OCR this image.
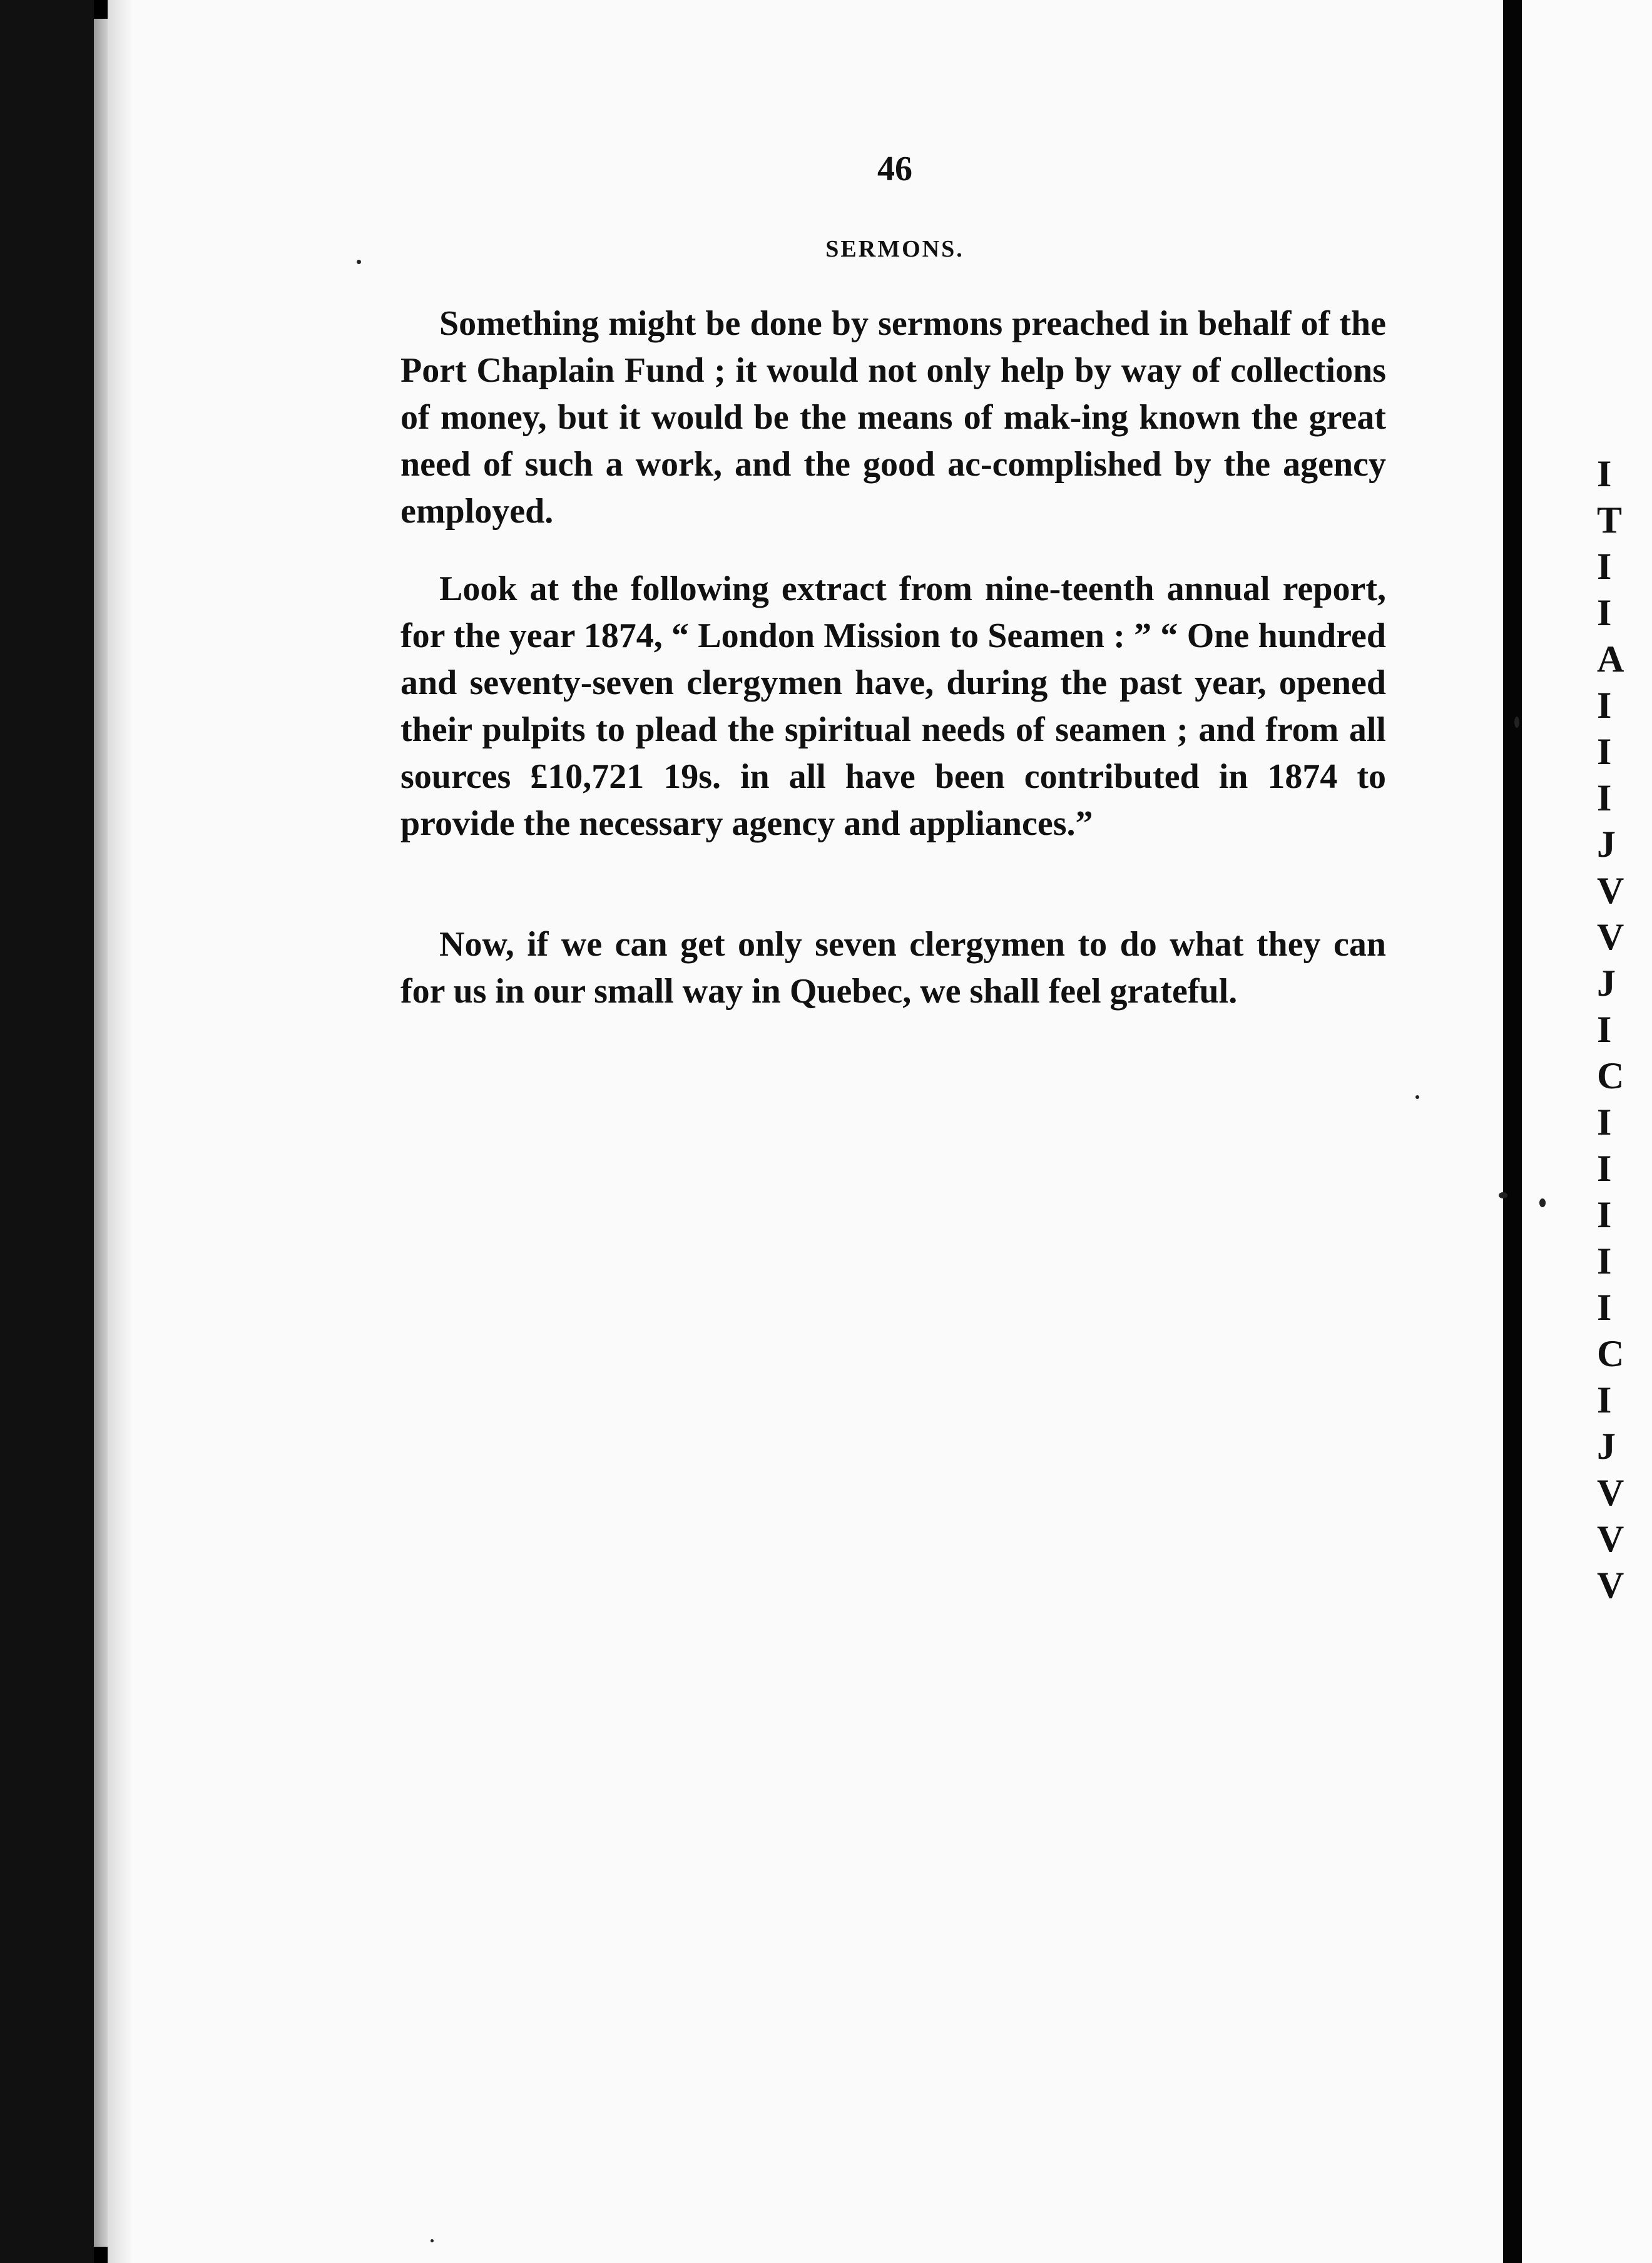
I
T
I
I
A
I
I
I
J
V
V
J
I
C
I
I
I
I
I
C
I
J
V
V
V
46
SERMONS.

Something might be done by sermons preached in behalf of the Port Chaplain Fund ; it would not only help by way of collections of money, but it would be the means of mak-ing known the great need of such a work, and the good ac-complished by the agency employed.

Look at the following extract from nine-teenth annual report, for the year 1874, “ London Mission to Seamen : ” “ One hundred and seventy-seven clergymen have, during the past year, opened their pulpits to plead the spiritual needs of seamen ; and from all sources £10,721 19s. in all have been contributed in 1874 to provide the necessary agency and appliances.”

Now, if we can get only seven clergymen to do what they can for us in our small way in Quebec, we shall feel grateful.
